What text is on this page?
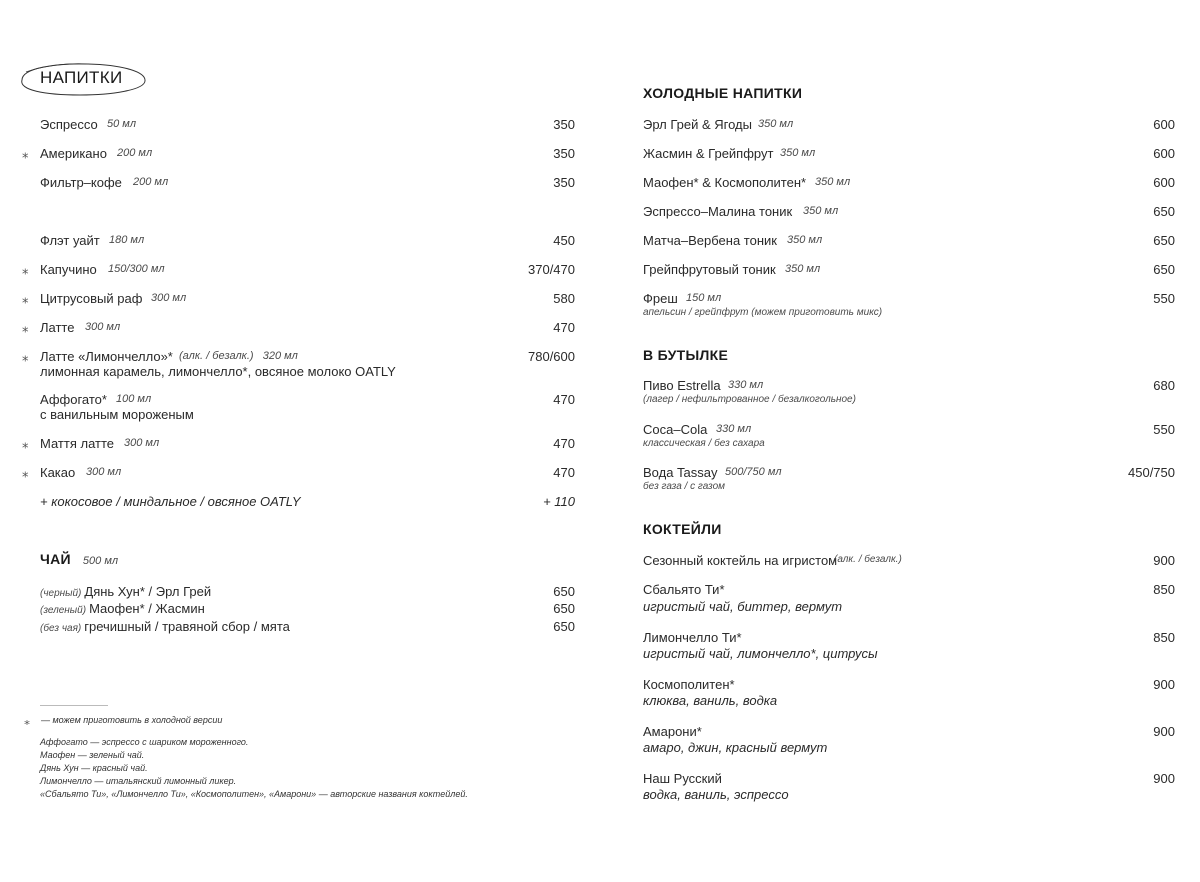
НАПИТКИ
Эспрессо 50 мл	350
⁎ Американо 200 мл	350
Фильтр–кофе 200 мл	350
Флэт уайт 180 мл	450
⁎ Капучино 150/300 мл	370/470
⁎ Цитрусовый раф 300 мл	580
⁎ Латте 300 мл	470
⁎ Латте «Лимончелло»* (алк. / безалк.)   320 мл	780/600
лимонная карамель, лимончелло*, овсяное молоко OATLY
Аффогато* 100 мл	470
с ванильным мороженым
⁎ Маття латте 300 мл	470
⁎ Какао 300 мл	470
+ кокосовое / миндальное / овсяное OATLY	+ 110
ЧАЙ 500 мл
(черный) Дянь Хун* / Эрл Грей	650
(зеленый) Маофен* / Жасмин	650
(без чая) гречишный / травяной сбор / мята	650
⁎ — можем приготовить в холодной версии
Аффогато — эспрессо с шариком мороженного.
Маофен — зеленый чай.
Дянь Хун — красный чай.
Лимончелло — итальянский лимонный ликер.
«Сбальято Ти», «Лимончелло Ти», «Космополитен», «Амарони» — авторские названия коктейлей.
ХОЛОДНЫЕ НАПИТКИ
Эрл Грей & Ягоды 350 мл	600
Жасмин & Грейпфрут 350 мл	600
Маофен* & Космополитен* 350 мл	600
Эспрессо–Малина тоник 350 мл	650
Матча–Вербена тоник 350 мл	650
Грейпфрутовый тоник 350 мл	650
Фреш 150 мл	550
апельсин / грейпфрут (можем приготовить микс)
В БУТЫЛКЕ
Пиво Estrella 330 мл	680
(лагер / нефильтрованное / безалкогольное)
Coca–Cola 330 мл	550
классическая / без сахара
Вода Tassay 500/750 мл	450/750
без газа / с газом
КОКТЕЙЛИ
Сезонный коктейль на игристом
(алк. / безалк.)	900
Сбальято Ти*	850
игристый чай, биттер, вермут
Лимончелло Ти*	850
игристый чай, лимончелло*, цитрусы
Космополитен*	900
клюква, ваниль, водка
Амарони*	900
амаро, джин, красный вермут
Наш Русский	900
водка, ваниль, эспрессо
